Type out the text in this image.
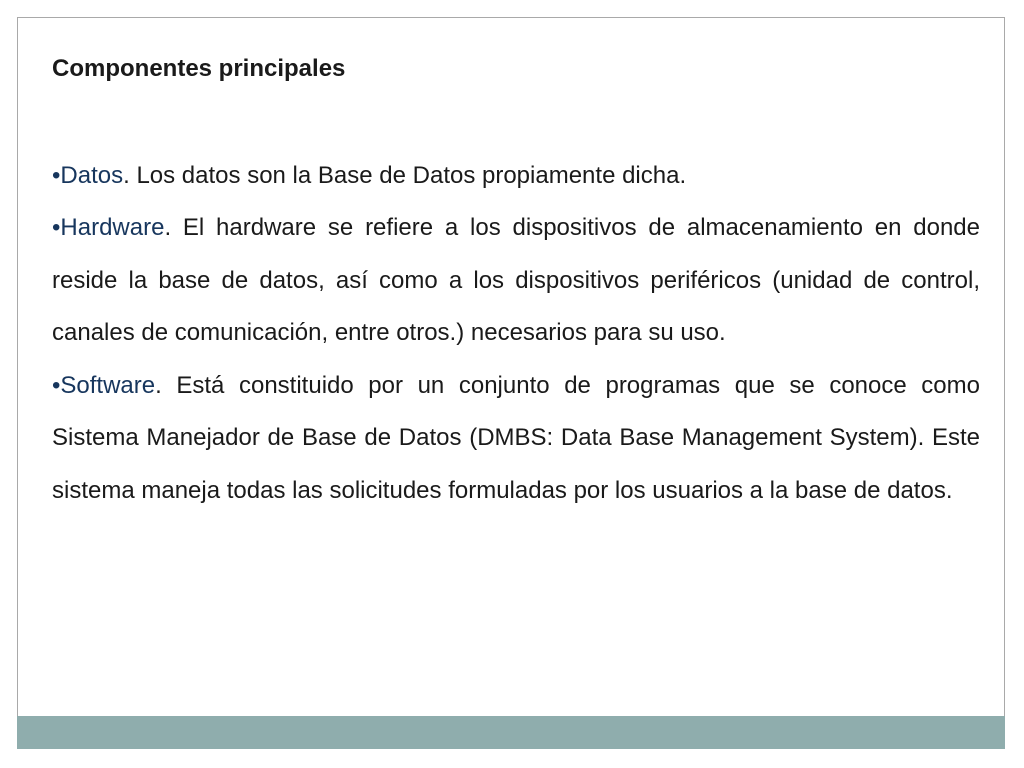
Componentes principales

•Datos. Los datos son la Base de Datos propiamente dicha.

•Hardware. El hardware se refiere a los dispositivos de almacenamiento en donde reside la base de datos, así como a los dispositivos periféricos (unidad de control, canales de comunicación, entre otros.) necesarios para su uso.

•Software. Está constituido por un conjunto de programas que se conoce como Sistema Manejador de Base de Datos (DMBS: Data Base Management System). Este sistema maneja todas las solicitudes formuladas por los usuarios a la base de datos.
